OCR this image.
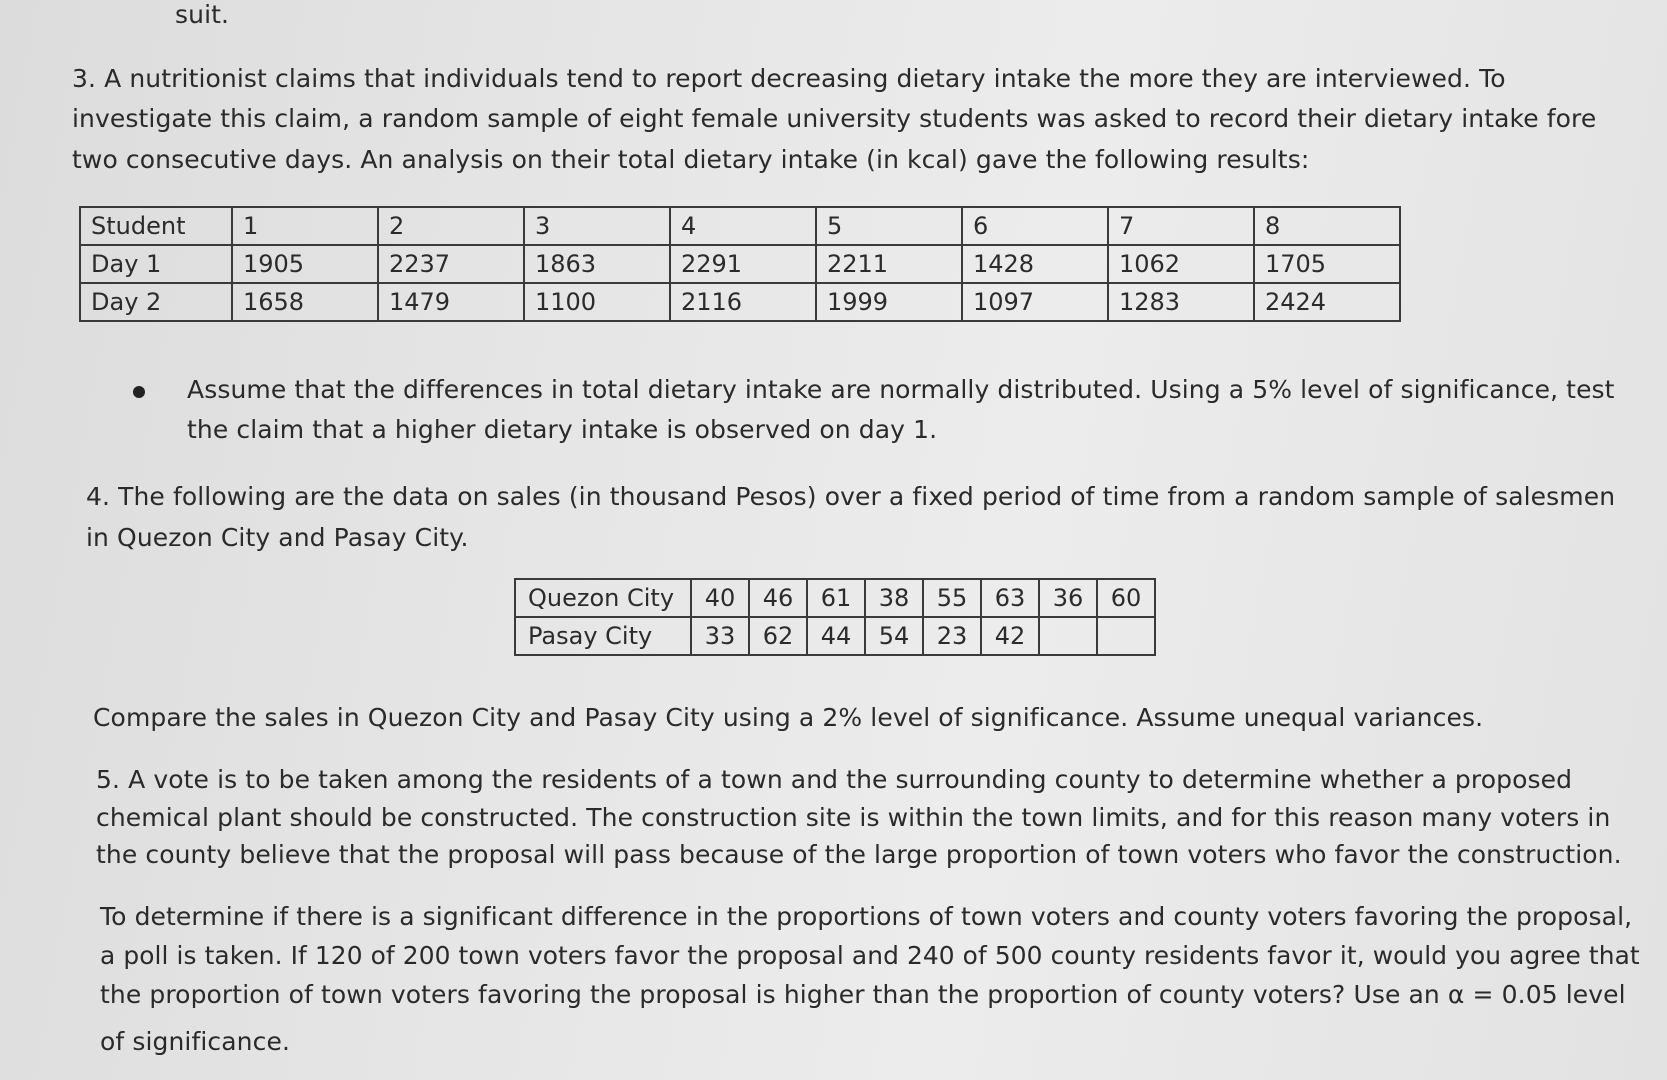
suit.
3. A nutritionist claims that individuals tend to report decreasing dietary intake the more they are interviewed. To
investigate this claim, a random sample of eight female university students was asked to record their dietary intake fore
two consecutive days. An analysis on their total dietary intake (in kcal) gave the following results:
Student	1	2	3	4	5	6	7	8
Day 1	1905	2237	1863	2291	2211	1428	1062	1705
Day 2	1658	1479	1100	2116	1999	1097	1283	2424
Assume that the differences in total dietary intake are normally distributed. Using a 5% level of significance, test
the claim that a higher dietary intake is observed on day 1.
4. The following are the data on sales (in thousand Pesos) over a fixed period of time from a random sample of salesmen
in Quezon City and Pasay City.
Quezon City	40	46	61	38	55	63	36	60
Pasay City	33	62	44	54	23	42		
Compare the sales in Quezon City and Pasay City using a 2% level of significance. Assume unequal variances.
5. A vote is to be taken among the residents of a town and the surrounding county to determine whether a proposed
chemical plant should be constructed. The construction site is within the town limits, and for this reason many voters in
the county believe that the proposal will pass because of the large proportion of town voters who favor the construction.
To determine if there is a significant difference in the proportions of town voters and county voters favoring the proposal,
a poll is taken. If 120 of 200 town voters favor the proposal and 240 of 500 county residents favor it, would you agree that
the proportion of town voters favoring the proposal is higher than the proportion of county voters? Use an α = 0.05 level
of significance.
